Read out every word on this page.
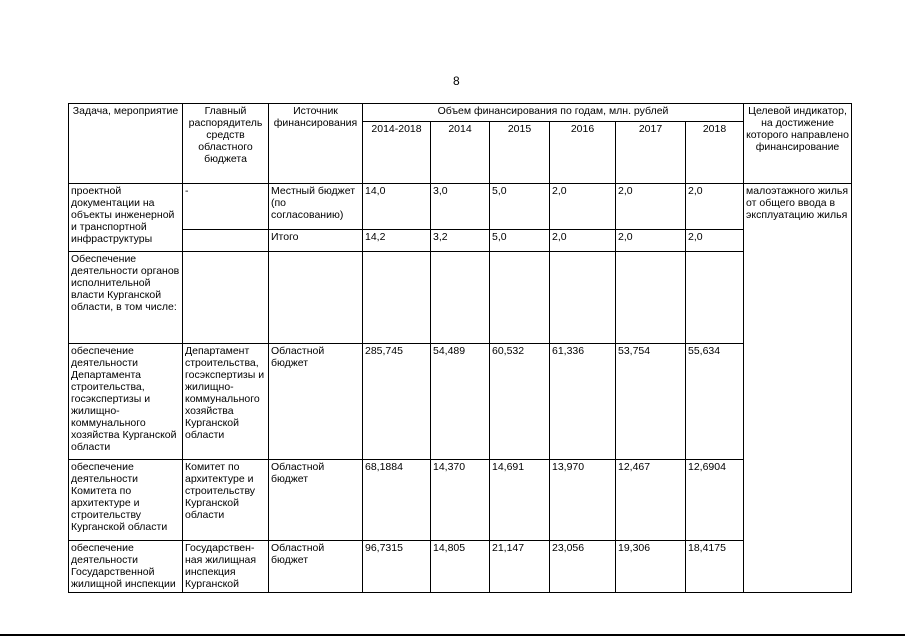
8
Задача, мероприятие	Главный распорядитель средств областного бюджета	Источник финансирования	Объем финансирования по годам, млн. рублей						Целевой индикатор, на достижение которого направлено финансирование
			2014-2018	2014	2015	2016	2017	2018	
проектной документации на объекты инженерной и транспортной инфраструктуры	-	Местный бюджет (по согласованию)	14,0	3,0	5,0	2,0	2,0	2,0	малоэтажного жилья от общего ввода в эксплуатацию жилья
		Итого	14,2	3,2	5,0	2,0	2,0	2,0	
Обеспечение деятельности органов исполнительной власти Курганской области, в том числе:									
обеспечение деятельности Департамента строительства, госэкспертизы и жилищно-коммунального хозяйства Курганской области	Департамент строительства, госэкспертизы и жилищно-коммунального хозяйства Курганской области	Областной бюджет	285,745	54,489	60,532	61,336	53,754	55,634	
обеспечение деятельности Комитета по архитектуре и строительству Курганской области	Комитет по архитектуре и строительству Курганской области	Областной бюджет	68,1884	14,370	14,691	13,970	12,467	12,6904	
обеспечение деятельности Государственной жилищной инспекции	Государствен-ная жилищная инспекция Курганской	Областной бюджет	96,7315	14,805	21,147	23,056	19,306	18,4175	
